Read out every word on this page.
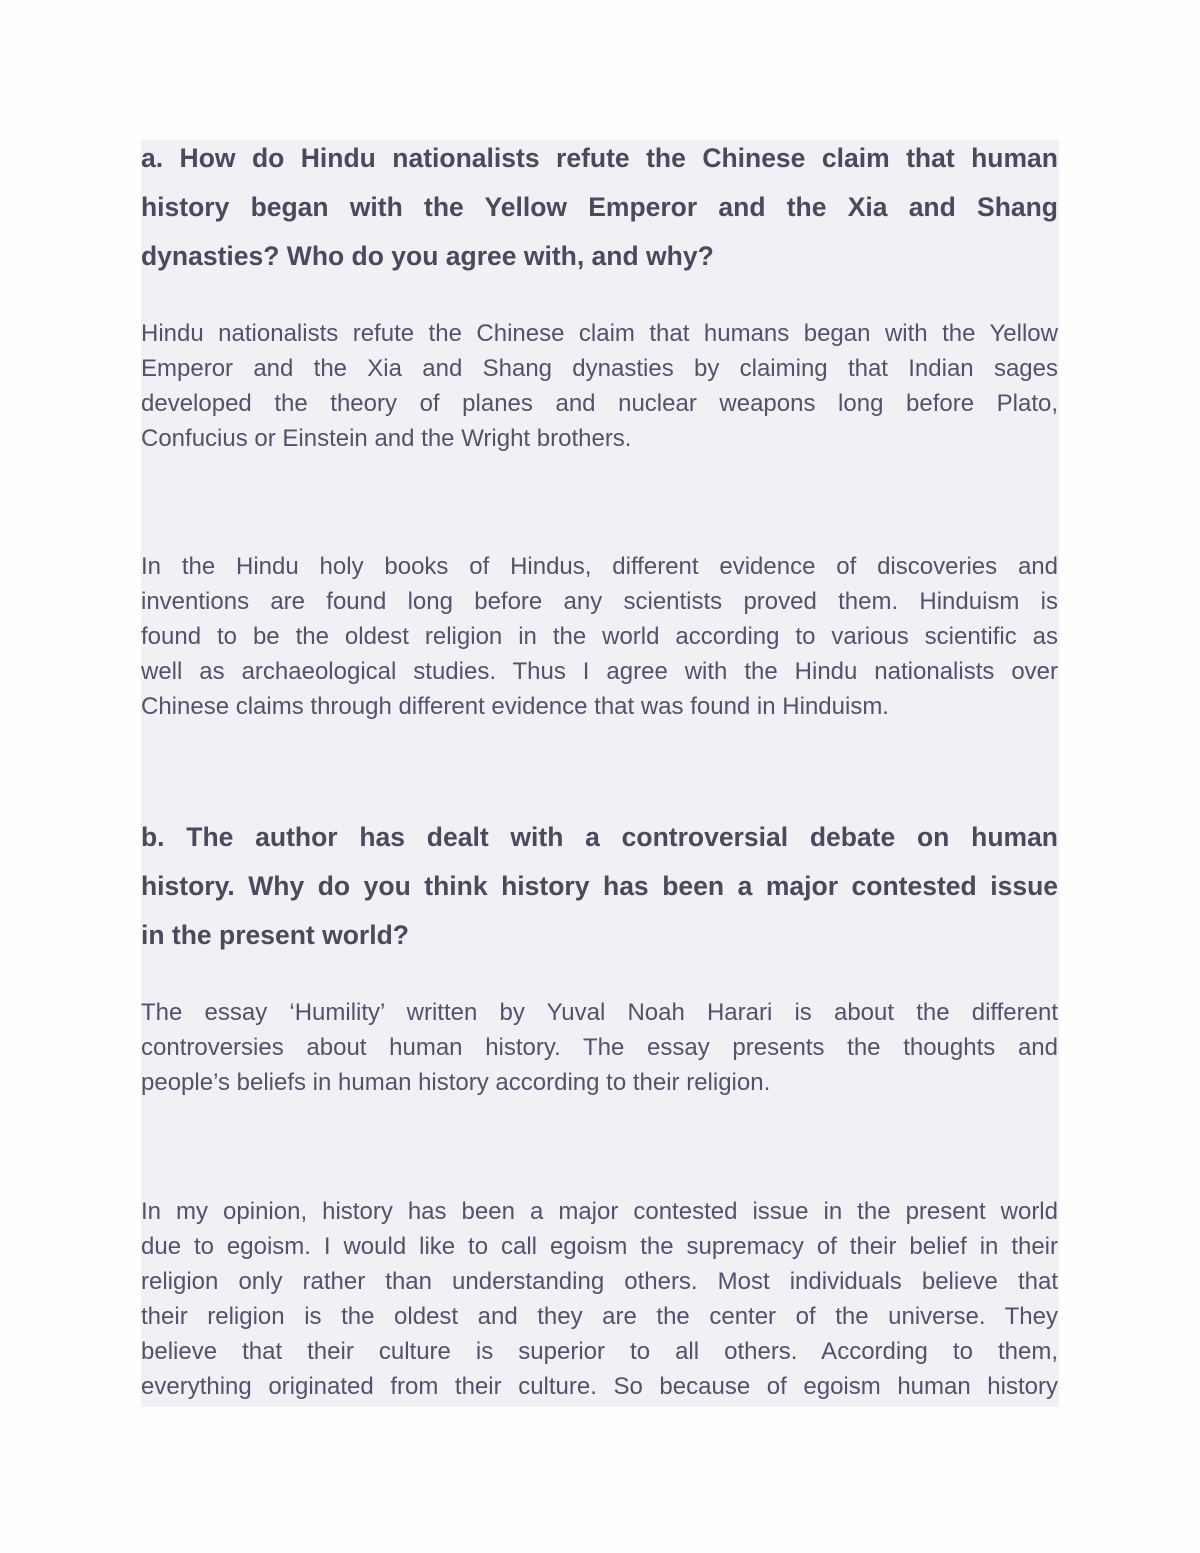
a. How do Hindu nationalists refute the Chinese claim that human
history began with the Yellow Emperor and the Xia and Shang
dynasties? Who do you agree with, and why?
Hindu nationalists refute the Chinese claim that humans began with the Yellow
Emperor and the Xia and Shang dynasties by claiming that Indian sages
developed the theory of planes and nuclear weapons long before Plato,
Confucius or Einstein and the Wright brothers.
In the Hindu holy books of Hindus, different evidence of discoveries and
inventions are found long before any scientists proved them. Hinduism is
found to be the oldest religion in the world according to various scientific as
well as archaeological studies. Thus I agree with the Hindu nationalists over
Chinese claims through different evidence that was found in Hinduism.
b. The author has dealt with a controversial debate on human
history. Why do you think history has been a major contested issue
in the present world?
The essay ‘Humility’ written by Yuval Noah Harari is about the different
controversies about human history. The essay presents the thoughts and
people’s beliefs in human history according to their religion.
In my opinion, history has been a major contested issue in the present world
due to egoism. I would like to call egoism the supremacy of their belief in their
religion only rather than understanding others. Most individuals believe that
their religion is the oldest and they are the center of the universe. They
believe that their culture is superior to all others. According to them,
everything originated from their culture. So because of egoism human history
